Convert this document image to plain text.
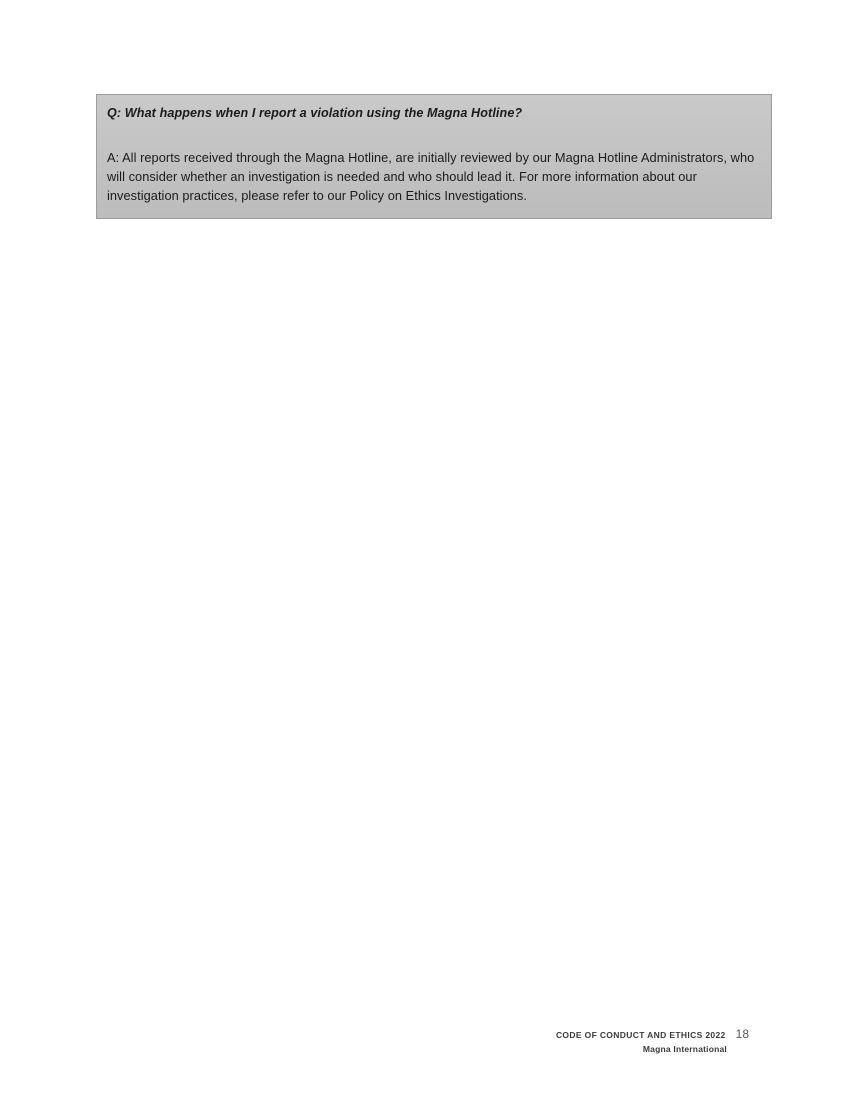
Q: What happens when I report a violation using the Magna Hotline?

A: All reports received through the Magna Hotline, are initially reviewed by our Magna Hotline Administrators, who will consider whether an investigation is needed and who should lead it. For more information about our investigation practices, please refer to our Policy on Ethics Investigations.

CODE OF CONDUCT AND ETHICS 2022 18
Magna International
